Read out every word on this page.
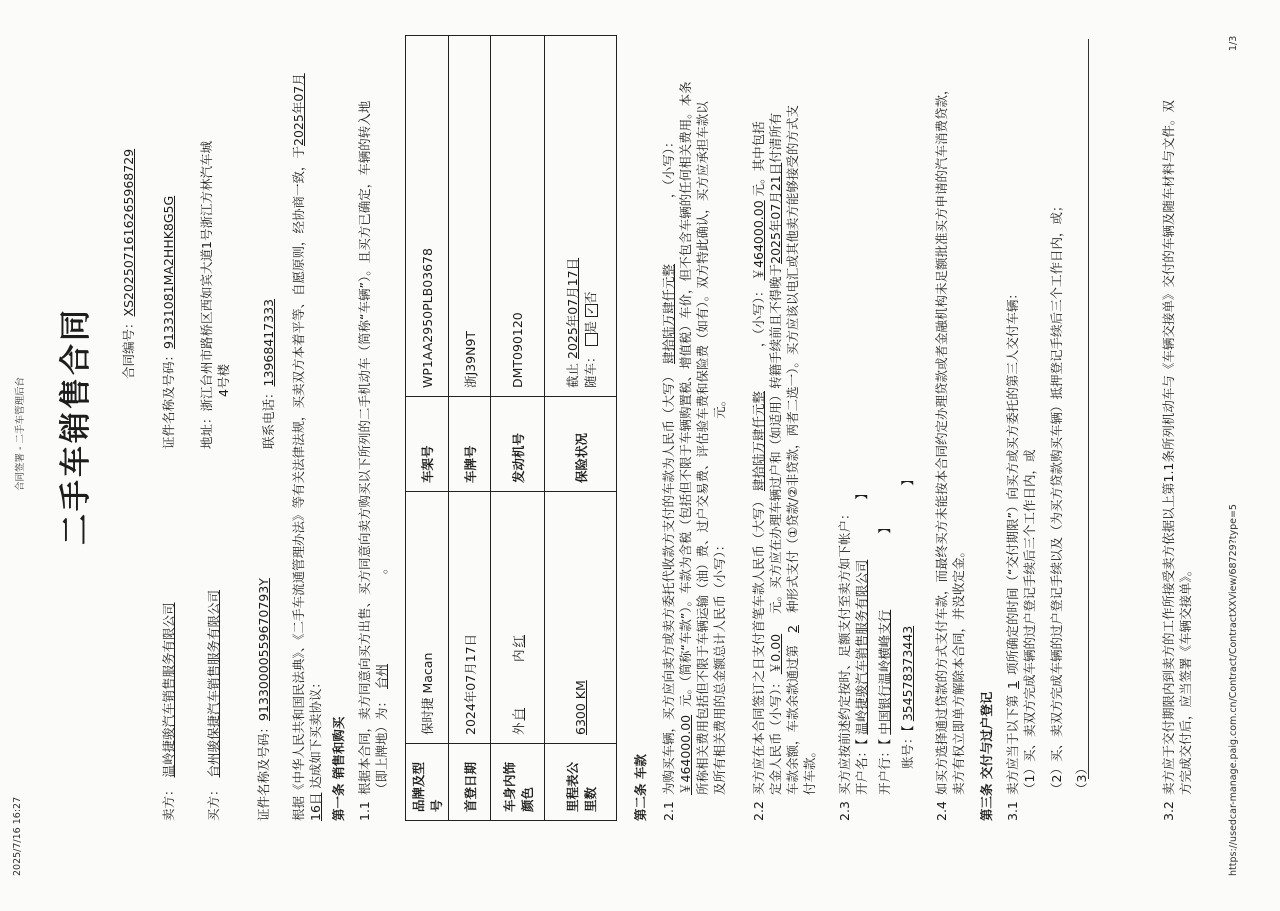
2025/7/16 16:27
合同签署 - 二手车管理后台
1/3
二手车销售合同 合同编号：XS20250716162659687​29
卖方：温岭捷骏汽车销售服务有限公司
证件名称及号码：91331081MA2HHK8G5G
买方：台州骏保捷汽车销售服务有限公司
地址：浙江台州市路桥区西如宾大道1号浙江方林汽车城 4号楼
证件名称及号码：91330000559670793Y
联系电话：13968417333 根据《中华人民共和国民法典》、《二手车流通管理办法》等有关法律法规，买卖双方本着平等、自愿原则，经协商一致，于2025年07月
16日 达成如下买卖协议： 第一条 销售和购买 1.1根据本合同，卖方同意向买方出售、买方同意向卖方购买以下所列的二手机动车（简称“车辆”）。且买方已确定，车辆的转入地 （即上牌地）为：台州。
品牌及型号	保时捷 Macan	车架号	WP1AA2950PLB03678
首登日期	2024年07月17日	车牌号	浙J39N9T
车身内饰颜色	外白 内红	发动机号	DMT090120
里程表公里数	6300 KM	保险状况	截止 2025年07月17日
随车： 是 ✓否
第二条 车款 2.1为购买车辆，买方应向卖方或卖方委托代收款方支付的车款为人民币（大写）肆拾陆万肆仟元整，（小写）：
￥464000.00元。（简称“车款”）。车款为含税（包括但不限于车辆购置税、增值税）车价，但不包含车辆的任何相关费用。本条 所称相关费用包括但不限于车辆运输（油）费、过户交易费、评估验车费和保险费（如有）。双方特此确认，买方应承担车款以 及所有相关费用的总金额总计人民币（小写）：元。
2.2买方应在本合同签订之日支付首笔车款人民币（大写）肆拾陆万肆仟元整，（小写）：￥464000.00元。其中包括
定金人民币（小写）：￥0.00元。买方应在办理车辆过户和（如适用）转籍手续前且不得晚于2025年07月21日付清所有
车款余额，车款余款通过第2种形式支付（①贷款/②非贷款，两者二选一）。买方应该以电汇或其他卖方能够接受的方式支
付车款。
2.3买方应按前述约定按时、足额支付至卖方如下帐户： 开户名：【温岭捷骏汽车销售服务有限公司】

开户行：【中国银行温岭横峰支行】

账号：【354578373443】
2.4如买方选择通过贷款的方式支付车款，而最终买方未能按本合同约定办理贷款或者金融机构未足额批准买方申请的汽车消费贷款， 卖方有权立即单方解除本合同，并没收定金。 第三条 交付与过户登记 3.1卖方应当于以下第1项所确定的时间（“交付期限”）向买方或买方委托的第三人交付车辆： （1）买、卖双方完成车辆的过户登记手续后三个工作日内，或 （2）买、卖双方完成车辆的过户登记手续以及（为买方贷款购买车辆）抵押登记手续后三个工作日内，或； （3）
3.2卖方应于交付期限内到卖方的工作所接受卖方依据以上第1.1条所列机动车与《车辆交接单》交付的车辆及随车材料与文件。双 方完成交付后，应当签署《车辆交接单》。	https://usedcar-manage.paig.com.cn/Contract/ContractXXView/68729?type=5
